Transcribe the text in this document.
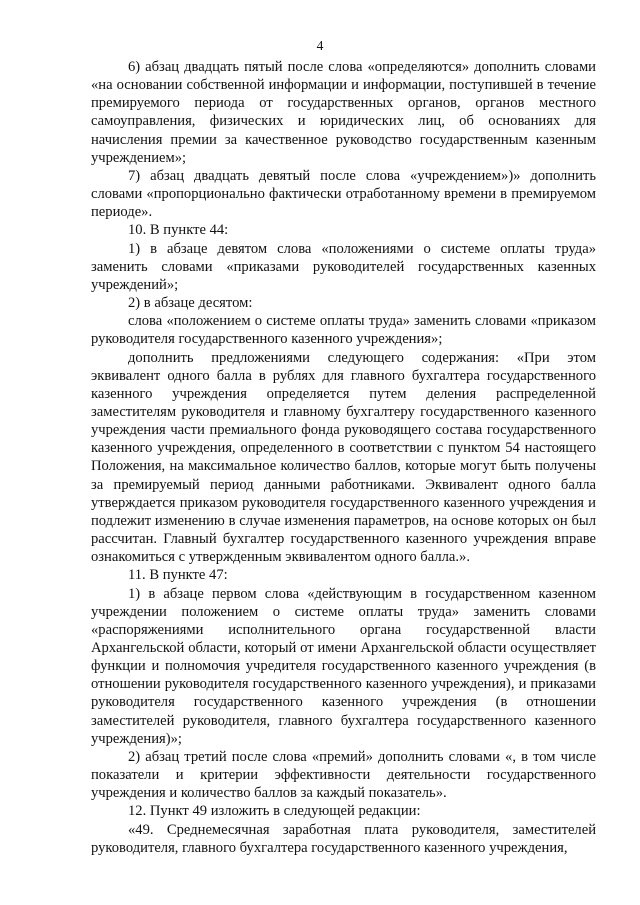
4

6) абзац двадцать пятый после слова «определяются» дополнить словами «на основании собственной информации и информации, поступившей в течение премируемого периода от государственных органов, органов местного самоуправления, физических и юридических лиц, об основаниях для начисления премии за качественное руководство государственным казенным учреждением»;

7) абзац двадцать девятый после слова «учреждением»)» дополнить словами «пропорционально фактически отработанному времени в премируемом периоде».

10. В пункте 44:

1) в абзаце девятом слова «положениями о системе оплаты труда» заменить словами «приказами руководителей государственных казенных учреждений»;

2) в абзаце десятом:

слова «положением о системе оплаты труда» заменить словами «приказом руководителя государственного казенного учреждения»;

дополнить предложениями следующего содержания: «При этом эквивалент одного балла в рублях для главного бухгалтера государственного казенного учреждения определяется путем деления распределенной заместителям руководителя и главному бухгалтеру государственного казенного учреждения части премиального фонда руководящего состава государственного казенного учреждения, определенного в соответствии с пунктом 54 настоящего Положения, на максимальное количество баллов, которые могут быть получены за премируемый период данными работниками. Эквивалент одного балла утверждается приказом руководителя государственного казенного учреждения и подлежит изменению в случае изменения параметров, на основе которых он был рассчитан. Главный бухгалтер государственного казенного учреждения вправе ознакомиться с утвержденным эквивалентом одного балла.».

11. В пункте 47:

1) в абзаце первом слова «действующим в государственном казенном учреждении положением о системе оплаты труда» заменить словами «распоряжениями исполнительного органа государственной власти Архангельской области, который от имени Архангельской области осуществляет функции и полномочия учредителя государственного казенного учреждения (в отношении руководителя государственного казенного учреждения), и приказами руководителя государственного казенного учреждения (в отношении заместителей руководителя, главного бухгалтера государственного казенного учреждения)»;

2) абзац третий после слова «премий» дополнить словами «, в том числе показатели и критерии эффективности деятельности государственного учреждения и количество баллов за каждый показатель».

12. Пункт 49 изложить в следующей редакции:

«49. Среднемесячная заработная плата руководителя, заместителей руководителя, главного бухгалтера государственного казенного учреждения,
